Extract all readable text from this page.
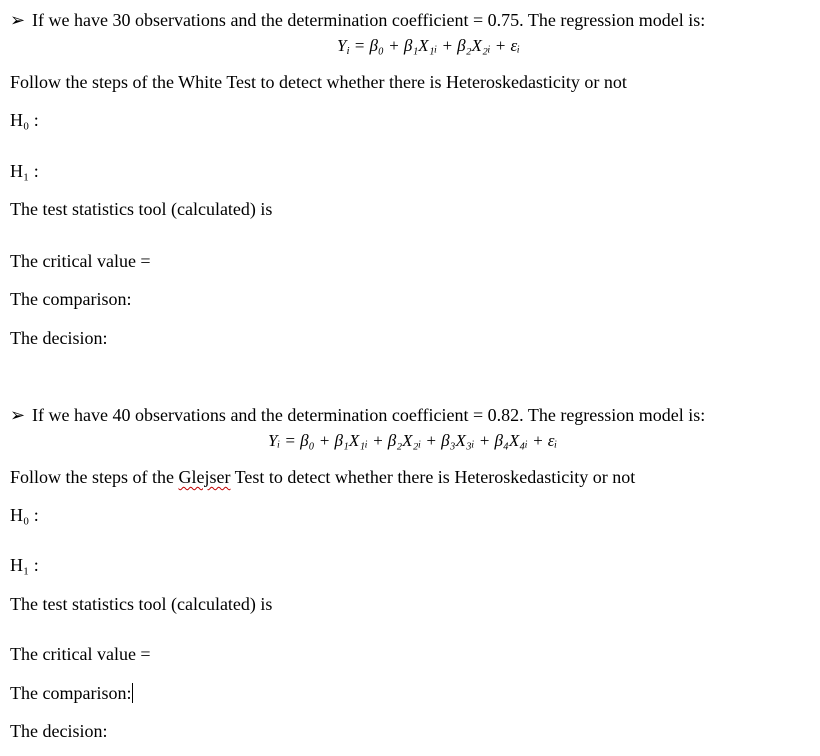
➢ If we have 30 observations and the determination coefficient = 0.75. The regression model is:
$Y_i = \beta_0$ + β₁X₁ᵢ + β₂X₂ᵢ + εᵢ
Follow the steps of the White Test to detect whether there is Heteroskedasticity or not
H₀ :
H₁ :
The test statistics tool (calculated) is
The critical value =
The comparison:
The decision:
➢ If we have 40 observations and the determination coefficient = 0.82. The regression model is:
Yᵢ = β₀ + β₁X₁ᵢ + β₂X₂ᵢ + β₃X₃ᵢ + β₄X₄ᵢ + εᵢ
Follow the steps of the Glejser Test to detect whether there is Heteroskedasticity or not
H₀ :
H₁ :
The test statistics tool (calculated) is
The critical value =
The comparison:
The decision:
